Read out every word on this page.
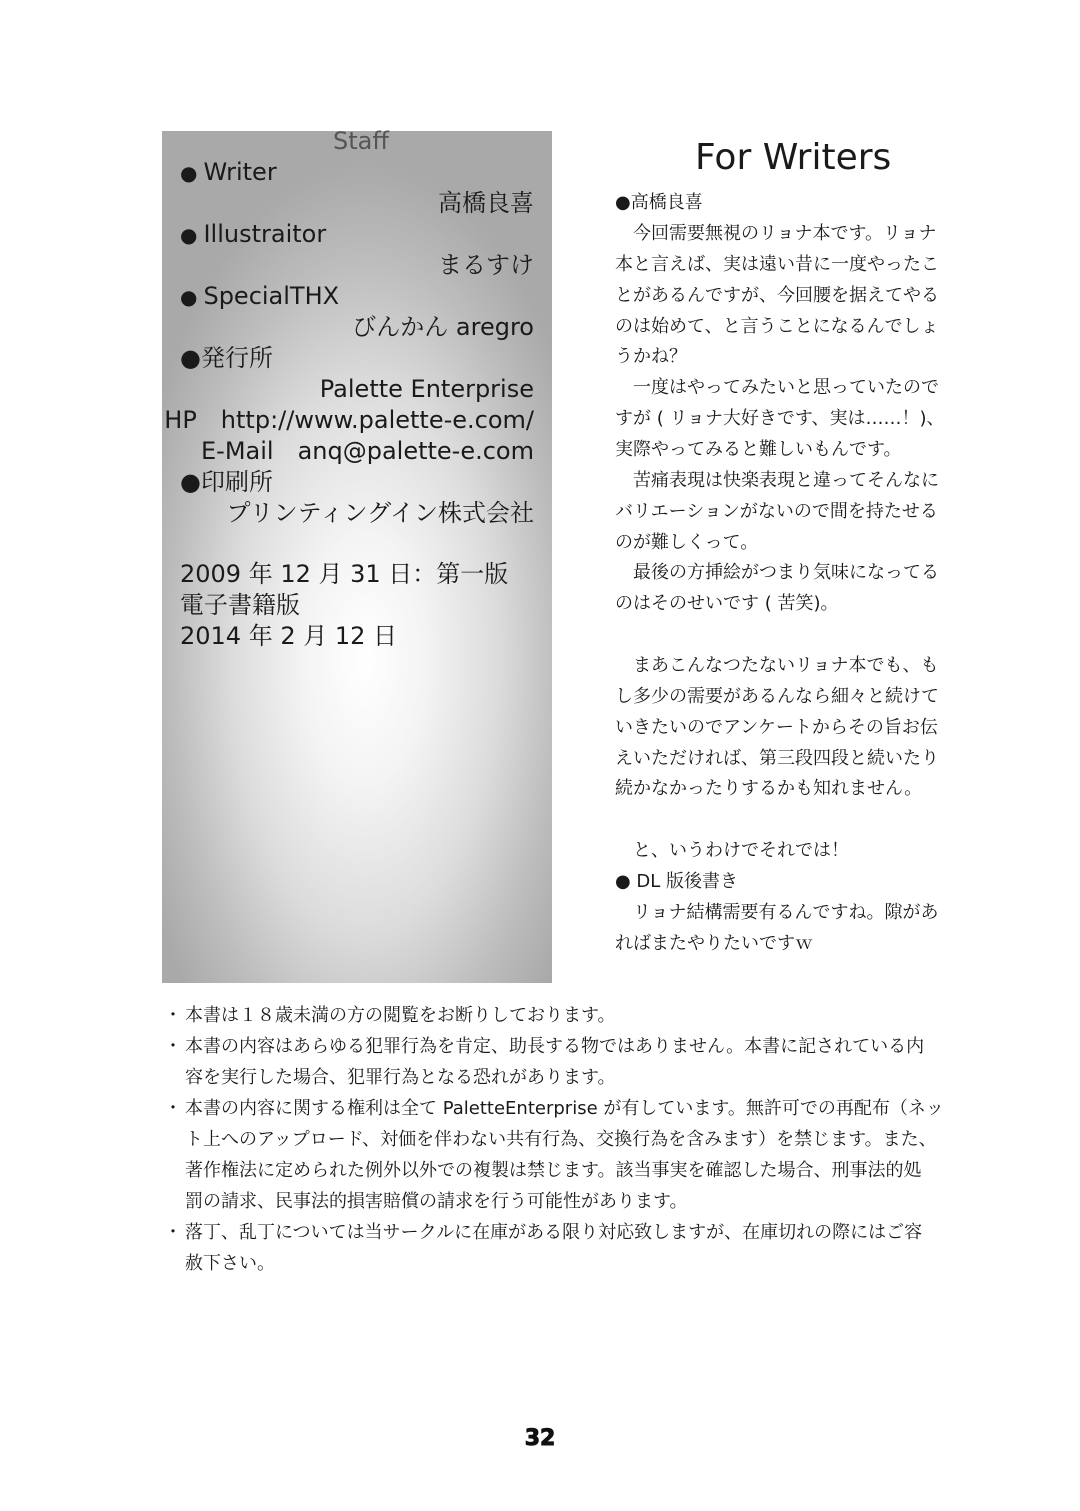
Staff
● Writer
高橋良喜
● Illustraitor
まるすけ
● SpecialTHX
びんかん aregro
●発行所
Palette Enterprise
HP　http://www.palette-e.com/
E-Mail　anq@palette-e.com
●印刷所
プリンティングイン株式会社
2009 年 12 月 31 日：第一版
電子書籍版
2014 年 2 月 12 日
For Writers
●高橋良喜
　今回需要無視のリョナ本です。リョナ
本と言えば、実は遠い昔に一度やったこ
とがあるんですが、今回腰を据えてやる
のは始めて、と言うことになるんでしょ
うかね？
　一度はやってみたいと思っていたので
すが ( リョナ大好きです、実は……！)、
実際やってみると難しいもんです。
　苦痛表現は快楽表現と違ってそんなに
バリエーションがないので間を持たせる
のが難しくって。
　最後の方挿絵がつまり気味になってる
のはそのせいです ( 苦笑)。
　まあこんなつたないリョナ本でも、も
し多少の需要があるんなら細々と続けて
いきたいのでアンケートからその旨お伝
えいただければ、第三段四段と続いたり
続かなかったりするかも知れません。
　と、いうわけでそれでは！
● DL 版後書き
　リョナ結構需要有るんですね。隙があ
ればまたやりたいですｗ
・ 本書は１８歳未満の方の閲覧をお断りしております。
・ 本書の内容はあらゆる犯罪行為を肯定、助長する物ではありません。本書に記されている内
容を実行した場合、犯罪行為となる恐れがあります。
・ 本書の内容に関する権利は全て PaletteEnterprise が有しています。無許可での再配布（ネッ
ト上へのアップロード、対価を伴わない共有行為、交換行為を含みます）を禁じます。また、
著作権法に定められた例外以外での複製は禁じます。該当事実を確認した場合、刑事法的処
罰の請求、民事法的損害賠償の請求を行う可能性があります。
・ 落丁、乱丁については当サークルに在庫がある限り対応致しますが、在庫切れの際にはご容
赦下さい。
32
